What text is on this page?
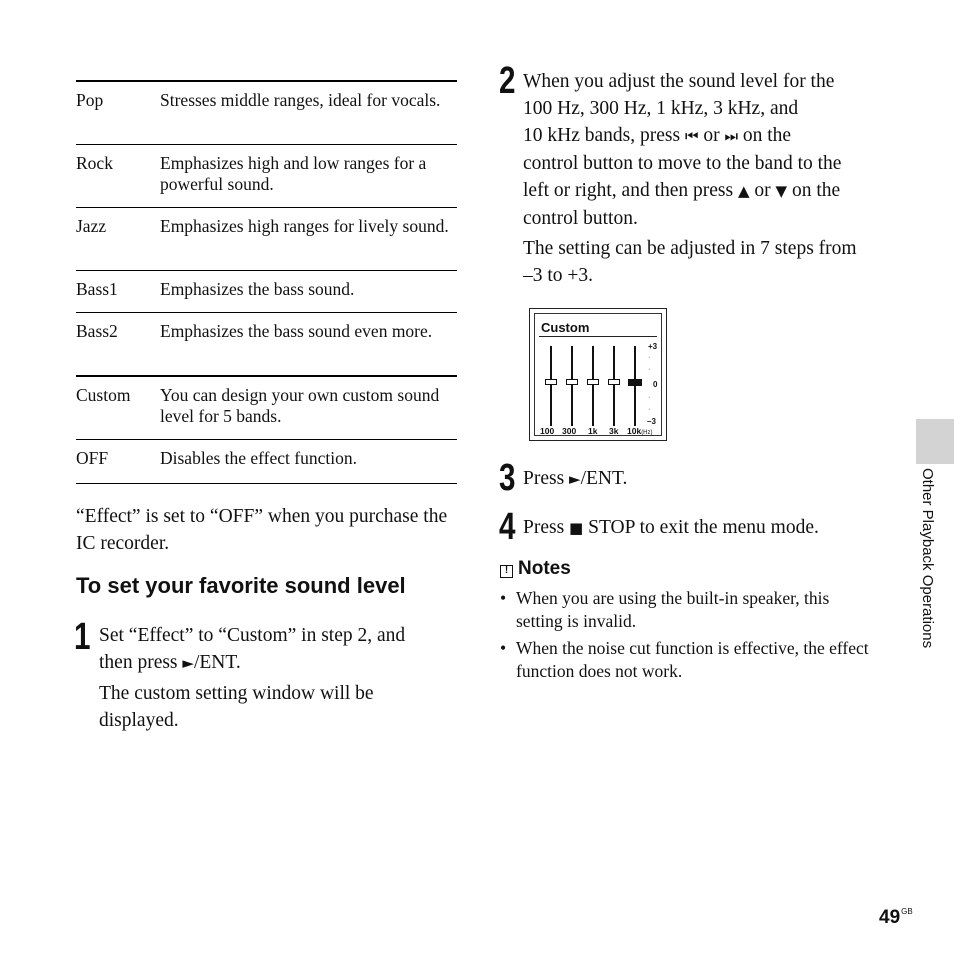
Pop	Stresses middle ranges, ideal for vocals.
Rock	Emphasizes high and low ranges for a powerful sound.
Jazz	Emphasizes high ranges for lively sound.
Bass1	Emphasizes the bass sound.
Bass2	Emphasizes the bass sound even more.
Custom	You can design your own custom sound level for 5 bands.
OFF	Disables the effect function.
“Effect” is set to “OFF” when you purchase the IC recorder.
To set your favorite sound level
1 Set “Effect” to “Custom” in step 2, and
then press ►/ENT.
The custom setting window will be displayed.
2 When you adjust the sound level for the
100 Hz, 300 Hz, 1 kHz, 3 kHz, and
10 kHz bands, press ⏮ or ⏭ on the
control button to move to the band to the
left or right, and then press ▲ or ▼ on the
control button.
The setting can be adjusted in 7 steps from –3 to +3.
Custom
100 300 1k 3k 10k(Hz)
+3
·
·
0
·
·
–3
3 Press ►/ENT.
4 Press ■ STOP to exit the menu mode.
! Notes
• When you are using the built-in speaker, this setting is invalid.
• When the noise cut function is effective, the effect function does not work.
Other Playback Operations
$49^{GB}$
